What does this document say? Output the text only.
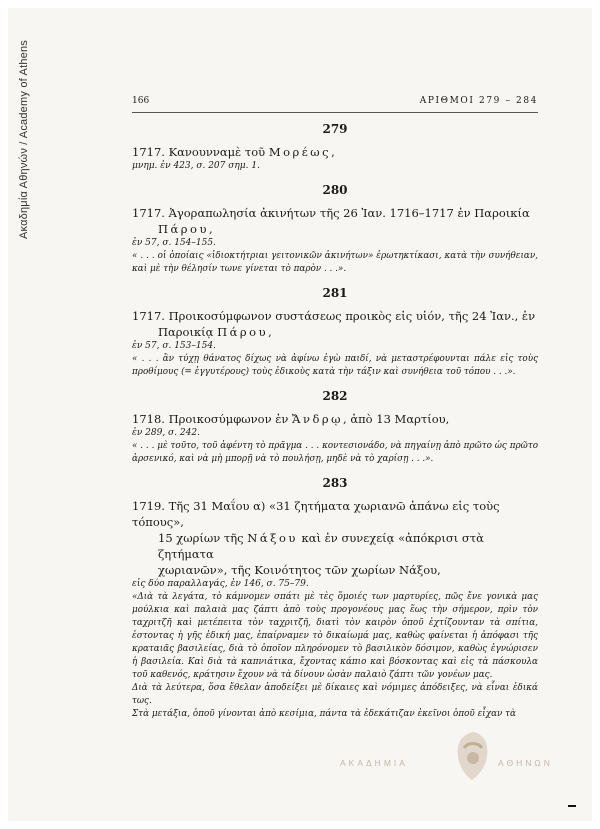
Ακαδημία Αθηνών / Academy of Athens	166	ΑΡΙΘΜΟΙ 279 – 284
279
1717. Κανουνναμὲ τοῦ Μορέως,
μνημ. ἐν 423, σ. 207 σημ. 1.
280
1717. Ἀγοραπωλησία ἀκινήτων τῆς 26 Ἰαν. 1716–1717 ἐν Παροικία
Πάρου,
ἐν 57, σ. 154–155.
« . . . οἱ ὁποίαις «ἰδιοκτήτριαι γειτονικῶν ἀκινήτων» ἐρωτηκτίκασι, κατὰ τὴν συνήθειαν, καὶ μὲ τὴν θέλησίν τωνε γίνεται τὸ παρὸν . . .».
281
1717. Προικοσύμφωνον συστάσεως προικὸς εἰς υἱόν, τῆς 24 Ἰαν., ἐν
Παροικίᾳ Πάρου,
ἐν 57, σ. 153–154.
« . . . ἂν τύχῃ θάνατος δίχως νὰ ἀφίνω ἐγὼ παιδί, νὰ μεταστρέφουνται πάλε εἰς τοὺς προθίμους (= ἐγγυτέρους) τοὺς ἐδικοὺς κατὰ τὴν τάξιν καὶ συνήθεια τοῦ τόπου . . .».
282
1718. Προικοσύμφωνον ἐν Ἄνδρῳ, ἀπὸ 13 Μαρτίου,
ἐν 289, σ. 242.
« . . . μὲ τοῦτο, τοῦ ἀφέντη τὸ πρᾶγμα . . . κοντεσιονάδο, νὰ πηγαίνῃ ἀπὸ πρῶτο ὡς πρῶτο ἀρσενικό, καὶ νὰ μὴ μπορῇ νὰ τὸ πουλήσῃ, μηδὲ νὰ τὸ χαρίσῃ . . .».
283
1719. Τῆς 31 Μαΐου α) «31 ζητήματα χωριανῶ ἀπάνω εἰς τοὺς τόπους»,
15 χωρίων τῆς Νάξου καὶ ἐν συνεχείᾳ «ἀπόκρισι στὰ ζητήματα
χωριανῶν», τῆς Κοινότητος τῶν χωρίων Νάξου,
εἰς δύο παραλλαγάς, ἐν 146, σ. 75–79.
«Διὰ τὰ λεγάτα, τὸ κάμνομεν σπάτι μὲ τὲς ὅμοιές των μαρτυρίες, πῶς ἔνε γονικὰ μας μούλκια καὶ παλαιὰ μας ζάπτι ἀπὸ τοὺς προγονέους μας ἕως τὴν σήμερον, πρὶν τὸν ταχριτζῆ καὶ μετέπειτα τὸν ταχριτζῆ, διατὶ τὸν καιρὸν ὁποῦ ἐχτίζουνταν τὰ σπίτια, ἐστοντας ἡ γῆς ἐδική μας, ἐπαίρναμεν τὸ δικαίωμά μας, καθὼς φαίνεται ἡ ἀπόφασι τῆς κραταιᾶς βασιλείας, διὰ τὸ ὁποῖον πληρόνομεν τὸ βασιλικὸν δόσιμον, καθὼς ἐγνώρισεν ἡ βασιλεία. Καὶ διὰ τὰ καπνιάτικα, ἔχοντας κάπιο καὶ βόσκοντας καὶ εἰς τὰ πάσκουλα τοῦ καθενός, κράτησιν ἔχουν νὰ τὰ δίνουν ὡσὰν παλαιὸ ζάπτι τῶν γονέων μας.
Διὰ τὰ λεύτερα, ὅσα ἔθελαν ἀποδείξει μὲ δίκαιες καὶ νόμιμες ἀπόδειξες, νὰ εἶναι ἐδικά τως.
Στὰ μετάξια, ὁποῦ γίνονται ἀπὸ κεσίμια, πάντα τὰ ἐδεκάτιζαν ἐκεῖνοι ὁποῦ εἶχαν τὰ
ΑΚΑΔΗΜΙΑ	ΑΘΗΝΩΝ
